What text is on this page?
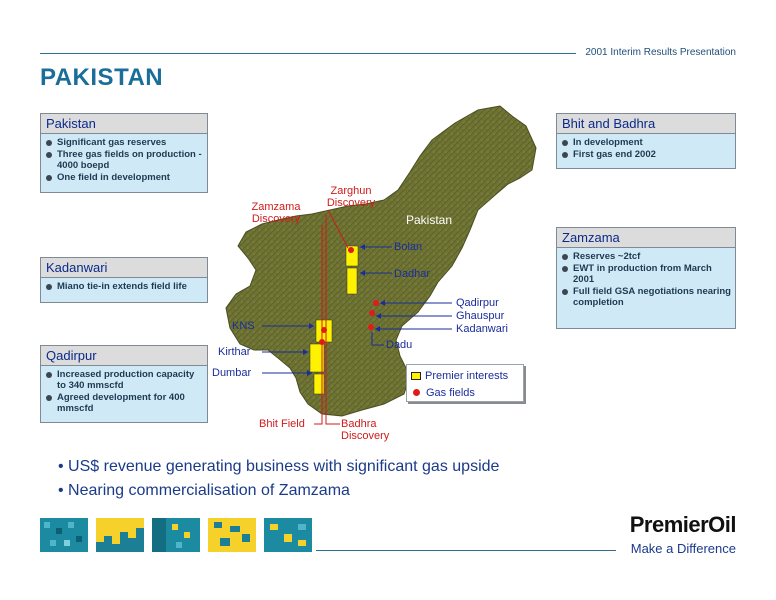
2001 Interim Results Presentation
PAKISTAN
Pakistan
Zamzama Discovery
Zarghun Discovery
Bolan
Dadhar
Qadirpur
Ghauspur
Kadanwari
Dadu
KNS
Kirthar
Dumbar
Bhit Field	Badhra Discovery
Premier interests
Gas fields
Pakistan
Significant gas reserves
Three gas fields on production - 4000 boepd
One field in development
Kadanwari
Miano tie-in extends field life
Qadirpur
Increased production capacity to 340 mmscfd
Agreed development for 400 mmscfd
Bhit and Badhra
In development
First gas end 2002
Zamzama
Reserves ~2tcf
EWT in production from March 2001
Full field GSA negotiations nearing completion
• US$ revenue generating business with significant gas upside
• Nearing commercialisation of Zamzama
PremierOil
Make a Difference
